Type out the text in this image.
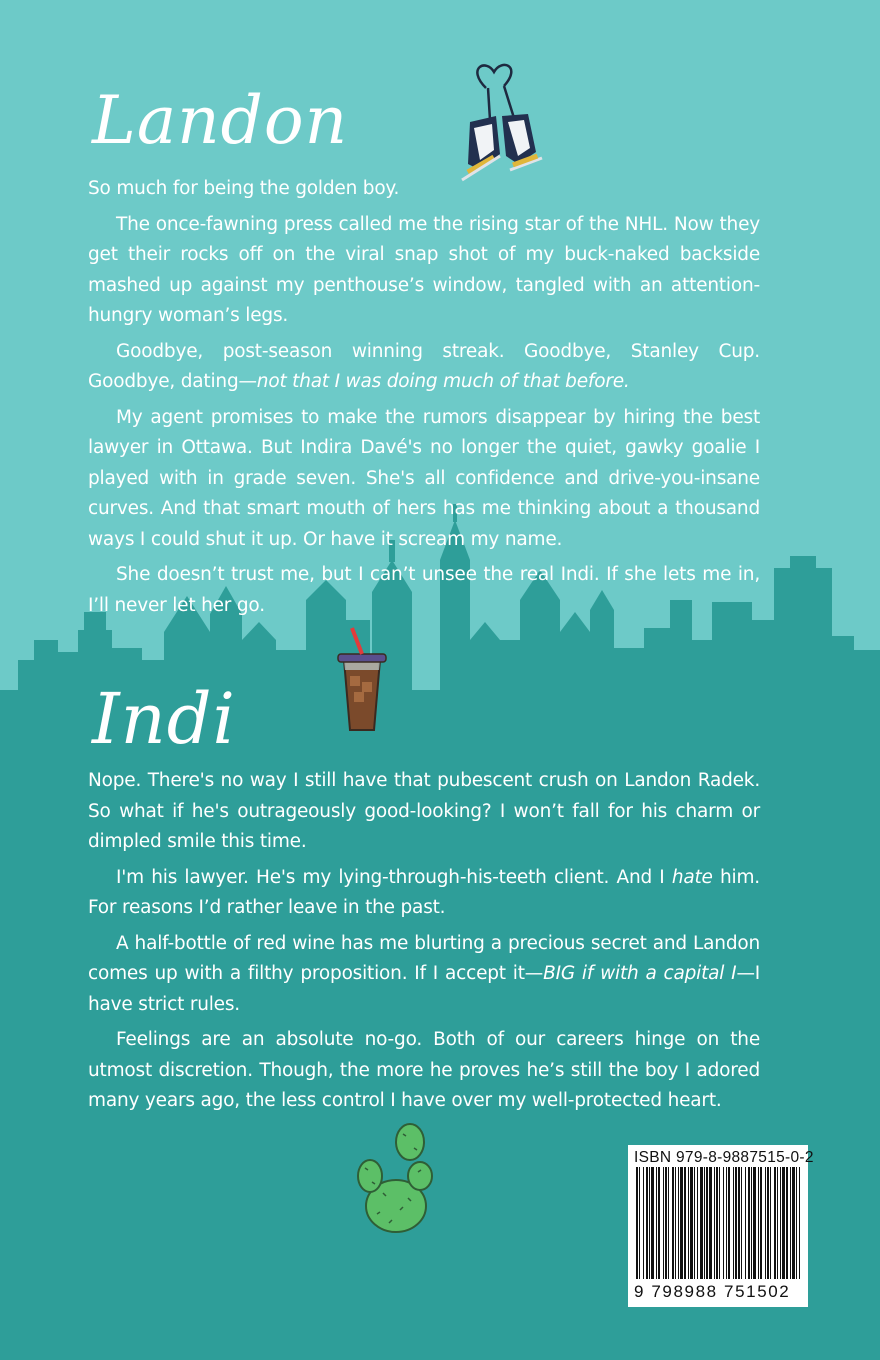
Landon

So much for being the golden boy.

The once-fawning press called me the rising star of the NHL. Now they get their rocks off on the viral snap shot of my buck-naked backside mashed up against my penthouse’s window, tangled with an attention-hungry woman’s legs.

Goodbye, post-season winning streak. Goodbye, Stanley Cup. Goodbye, dating—not that I was doing much of that before.

My agent promises to make the rumors disappear by hiring the best lawyer in Ottawa. But Indira Davé's no longer the quiet, gawky goalie I played with in grade seven. She's all confidence and drive-you-insane curves. And that smart mouth of hers has me thinking about a thousand ways I could shut it up. Or have it scream my name.

She doesn’t trust me, but I can’t unsee the real Indi. If she lets me in, I’ll never let her go.

Indi

Nope. There's no way I still have that pubescent crush on Landon Radek. So what if he's outrageously good-looking? I won’t fall for his charm or dimpled smile this time.

I'm his lawyer. He's my lying-through-his-teeth client. And I hate him. For reasons I’d rather leave in the past.

A half-bottle of red wine has me blurting a precious secret and Landon comes up with a filthy proposition. If I accept it—BIG if with a capital I—I have strict rules.

Feelings are an absolute no-go. Both of our careers hinge on the utmost discretion. Though, the more he proves he’s still the boy I adored many years ago, the less control I have over my well-protected heart.

ISBN 979-8-9887515-0-2
9 798988 751502
